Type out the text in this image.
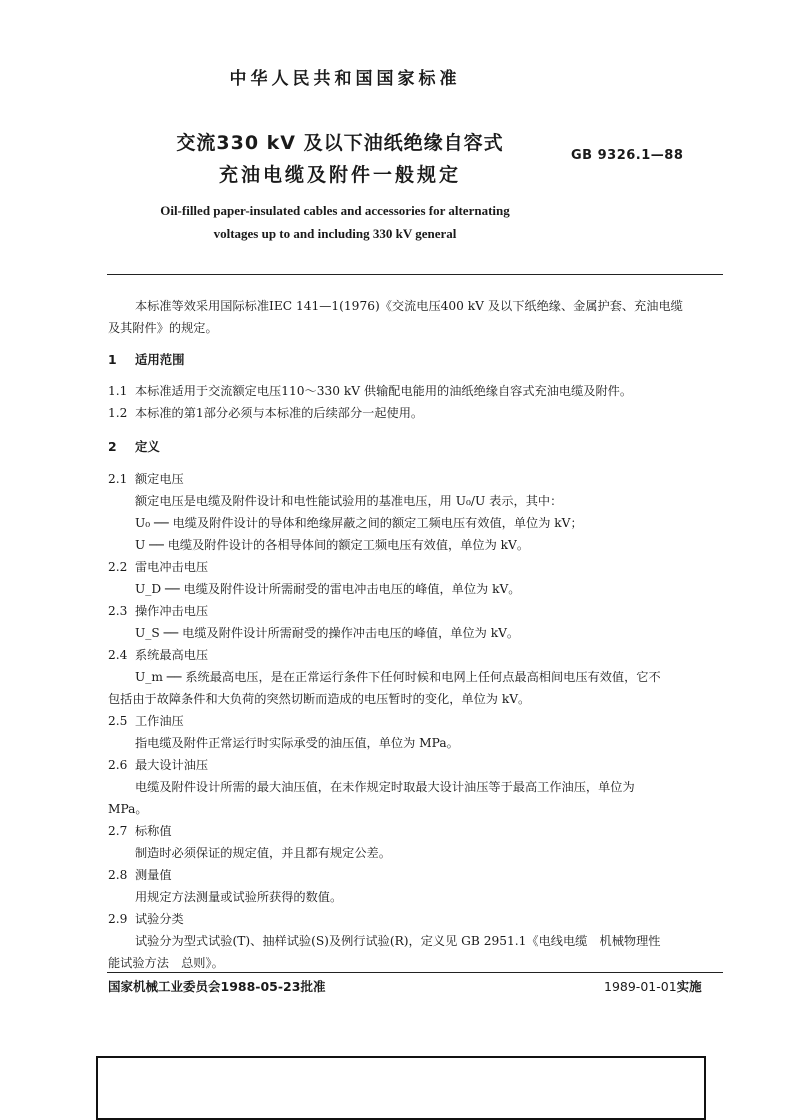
中华人民共和国国家标准
交流330 kV 及以下油纸绝缘自容式
充油电缆及附件一般规定
GB 9326.1—88
Oil-filled paper-insulated cables and accessories for alternating
voltages up to and including 330 kV general
本标准等效采用国际标准IEC 141—1(1976)《交流电压400 kV 及以下纸绝缘、金属护套、充油电缆
及其附件》的规定。
1 适用范围
1.1 本标准适用于交流额定电压110～330 kV 供输配电能用的油纸绝缘自容式充油电缆及附件。
1.2 本标准的第1部分必须与本标准的后续部分一起使用。
2 定义
2.1 额定电压
额定电压是电缆及附件设计和电性能试验用的基准电压，用 U₀/U 表示，其中：
U₀ ── 电缆及附件设计的导体和绝缘屏蔽之间的额定工频电压有效值，单位为 kV；
U ── 电缆及附件设计的各相导体间的额定工频电压有效值，单位为 kV。
2.2 雷电冲击电压
U_D ── 电缆及附件设计所需耐受的雷电冲击电压的峰值，单位为 kV。
2.3 操作冲击电压
U_S ── 电缆及附件设计所需耐受的操作冲击电压的峰值，单位为 kV。
2.4 系统最高电压
U_m ── 系统最高电压，是在正常运行条件下任何时候和电网上任何点最高相间电压有效值，它不
包括由于故障条件和大负荷的突然切断而造成的电压暂时的变化，单位为 kV。
2.5 工作油压
指电缆及附件正常运行时实际承受的油压值，单位为 MPa。
2.6 最大设计油压
电缆及附件设计所需的最大油压值，在未作规定时取最大设计油压等于最高工作油压，单位为
MPa。
2.7 标称值
制造时必须保证的规定值，并且都有规定公差。
2.8 测量值
用规定方法测量或试验所获得的数值。
2.9 试验分类
试验分为型式试验(T)、抽样试验(S)及例行试验(R)，定义见 GB 2951.1《电线电缆　机械物理性
能试验方法　总则》。
国家机械工业委员会1988-05-23批准	1989-01-01实施
